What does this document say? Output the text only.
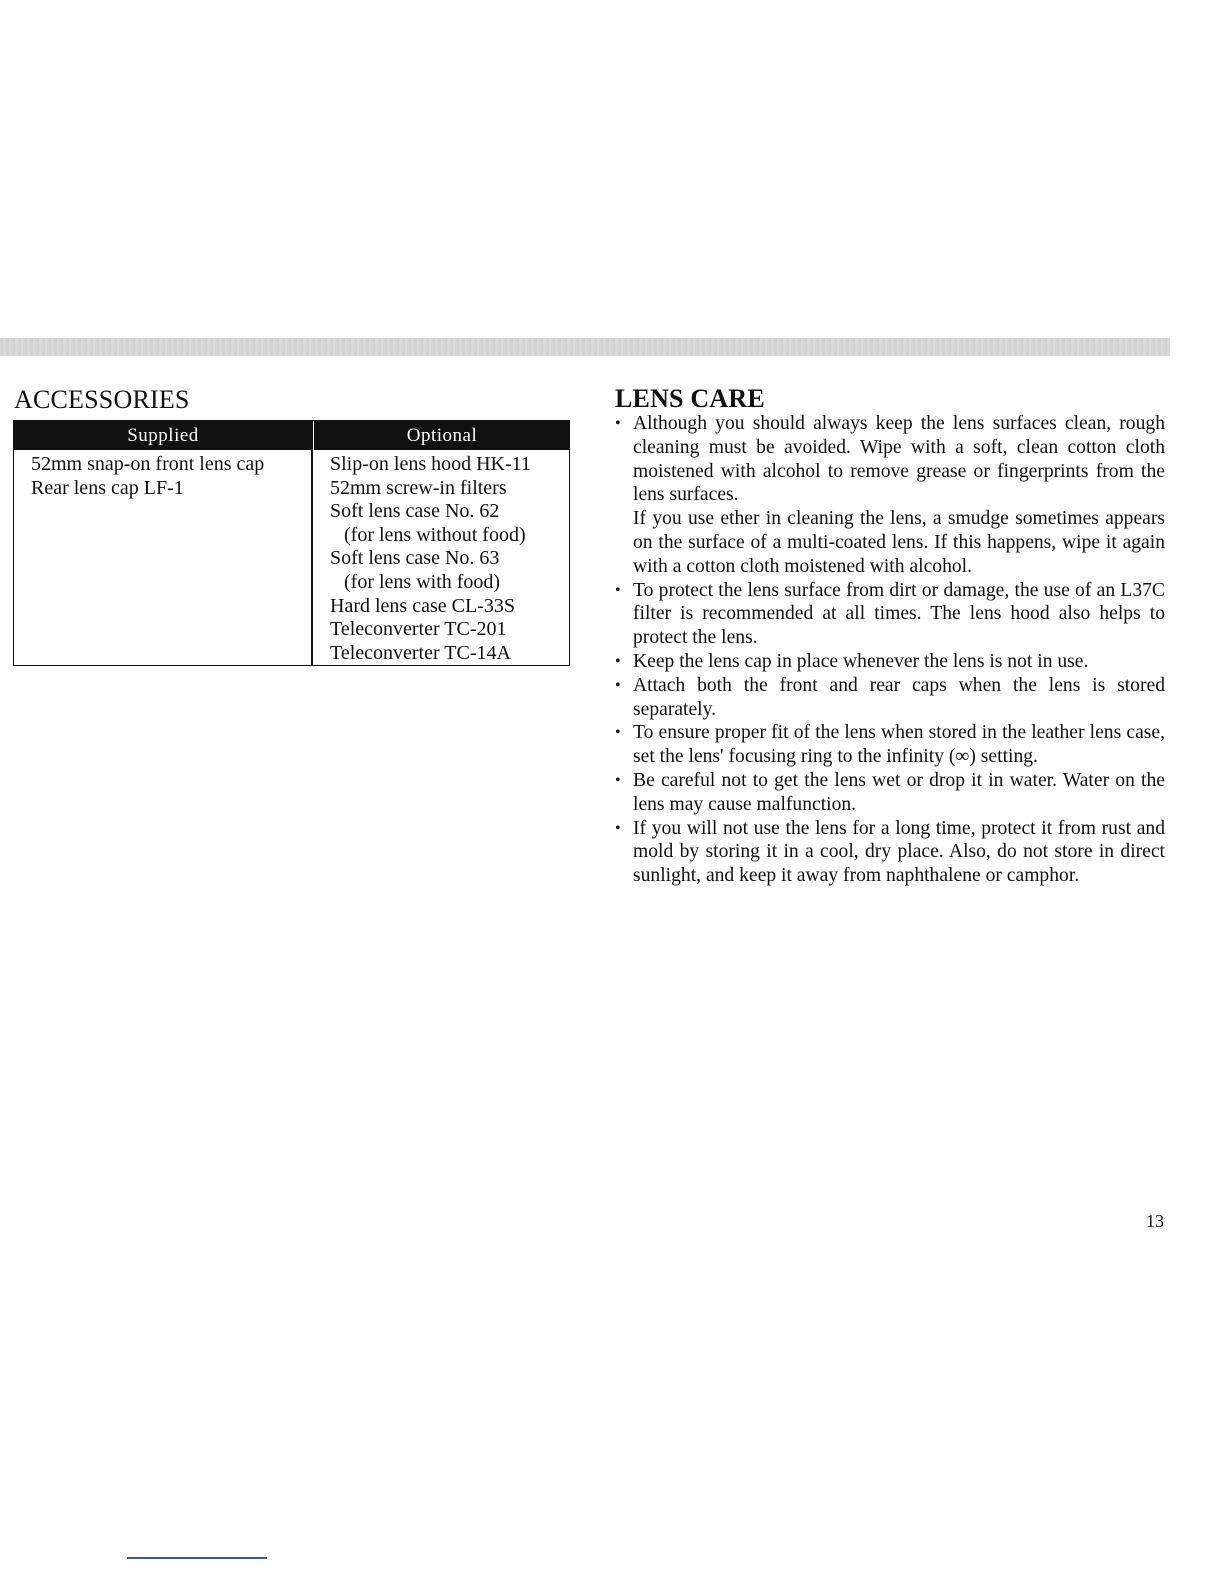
ACCESSORIES
Supplied	Optional
52mm snap-on front lens cap
Rear lens cap LF-1
Slip-on lens hood HK-11
52mm screw-in filters
Soft lens case No. 62
(for lens without food)
Soft lens case No. 63
(for lens with food)
Hard lens case CL-33S
Teleconverter TC-201
Teleconverter TC-14A
LENS CARE
• Although you should always keep the lens surfaces clean, rough cleaning must be avoided. Wipe with a soft, clean cotton cloth moistened with alcohol to remove grease or fingerprints from the lens surfaces.

If you use ether in cleaning the lens, a smudge sometimes appears on the surface of a multi-coated lens. If this happens, wipe it again with a cotton cloth moistened with alcohol.

• To protect the lens surface from dirt or damage, the use of an L37C filter is recommended at all times. The lens hood also helps to protect the lens.

• Keep the lens cap in place whenever the lens is not in use.

• Attach both the front and rear caps when the lens is stored separately.

• To ensure proper fit of the lens when stored in the leather lens case, set the lens' focusing ring to the infinity (∞) setting.

• Be careful not to get the lens wet or drop it in water. Water on the lens may cause malfunction.

• If you will not use the lens for a long time, protect it from rust and mold by storing it in a cool, dry place. Also, do not store in direct sunlight, and keep it away from naphthalene or camphor.

13
